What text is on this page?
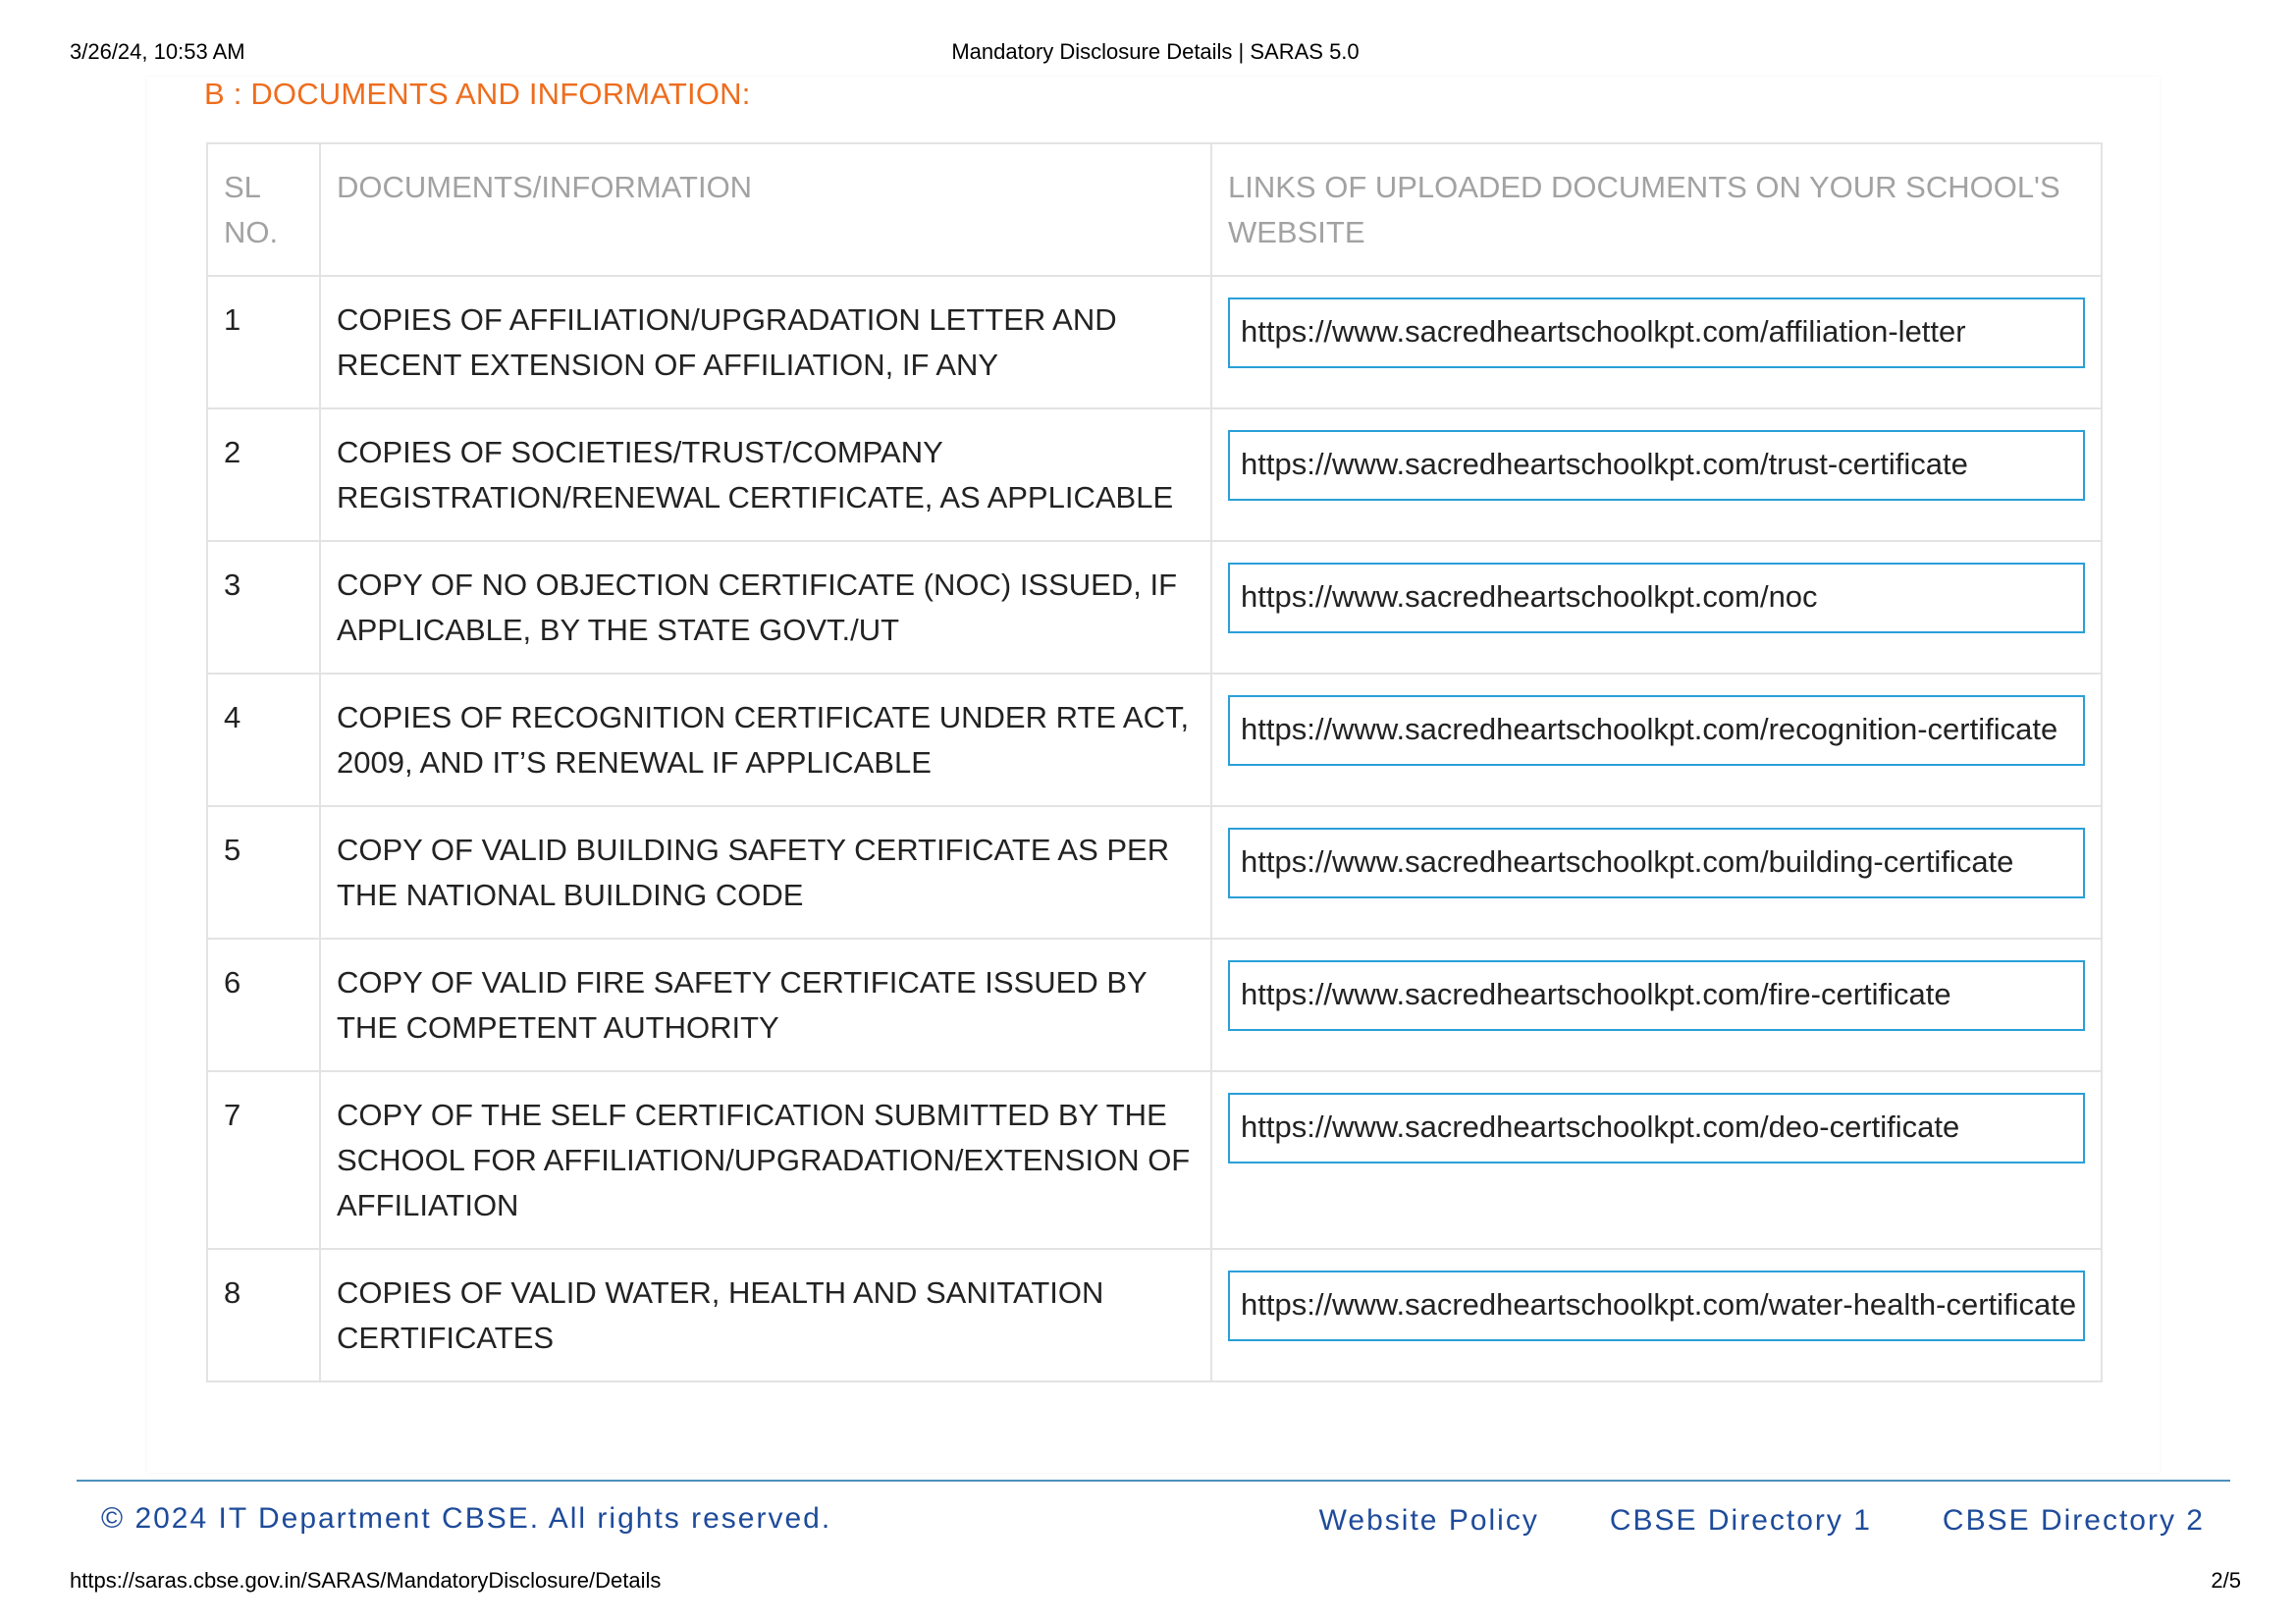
3/26/24, 10:53 AM	Mandatory Disclosure Details | SARAS 5.0
B : DOCUMENTS AND INFORMATION:
SL
NO.	DOCUMENTS/INFORMATION	LINKS OF UPLOADED DOCUMENTS ON YOUR SCHOOL'S WEBSITE
1	COPIES OF AFFILIATION/UPGRADATION LETTER AND RECENT EXTENSION OF AFFILIATION, IF ANY	https://www.sacredheartschoolkpt.com/affiliation-letter

2	COPIES OF SOCIETIES/TRUST/COMPANY REGISTRATION/RENEWAL CERTIFICATE, AS APPLICABLE	https://www.sacredheartschoolkpt.com/trust-certificate

3	COPY OF NO OBJECTION CERTIFICATE (NOC) ISSUED, IF APPLICABLE, BY THE STATE GOVT./UT	https://www.sacredheartschoolkpt.com/noc

4	COPIES OF RECOGNITION CERTIFICATE UNDER RTE ACT, 2009, AND IT’S RENEWAL IF APPLICABLE	https://www.sacredheartschoolkpt.com/recognition-certificate

5	COPY OF VALID BUILDING SAFETY CERTIFICATE AS PER THE NATIONAL BUILDING CODE	https://www.sacredheartschoolkpt.com/building-certificate

6	COPY OF VALID FIRE SAFETY CERTIFICATE ISSUED BY THE COMPETENT AUTHORITY	https://www.sacredheartschoolkpt.com/fire-certificate

7	COPY OF THE SELF CERTIFICATION SUBMITTED BY THE SCHOOL FOR AFFILIATION/UPGRADATION/EXTENSION OF AFFILIATION	https://www.sacredheartschoolkpt.com/deo-certificate

8	COPIES OF VALID WATER, HEALTH AND SANITATION CERTIFICATES	https://www.sacredheartschoolkpt.com/water-health-certificate
© 2024 IT Department CBSE. All rights reserved.	Website Policy CBSE Directory 1 CBSE Directory 2
https://saras.cbse.gov.in/SARAS/MandatoryDisclosure/Details	2/5
